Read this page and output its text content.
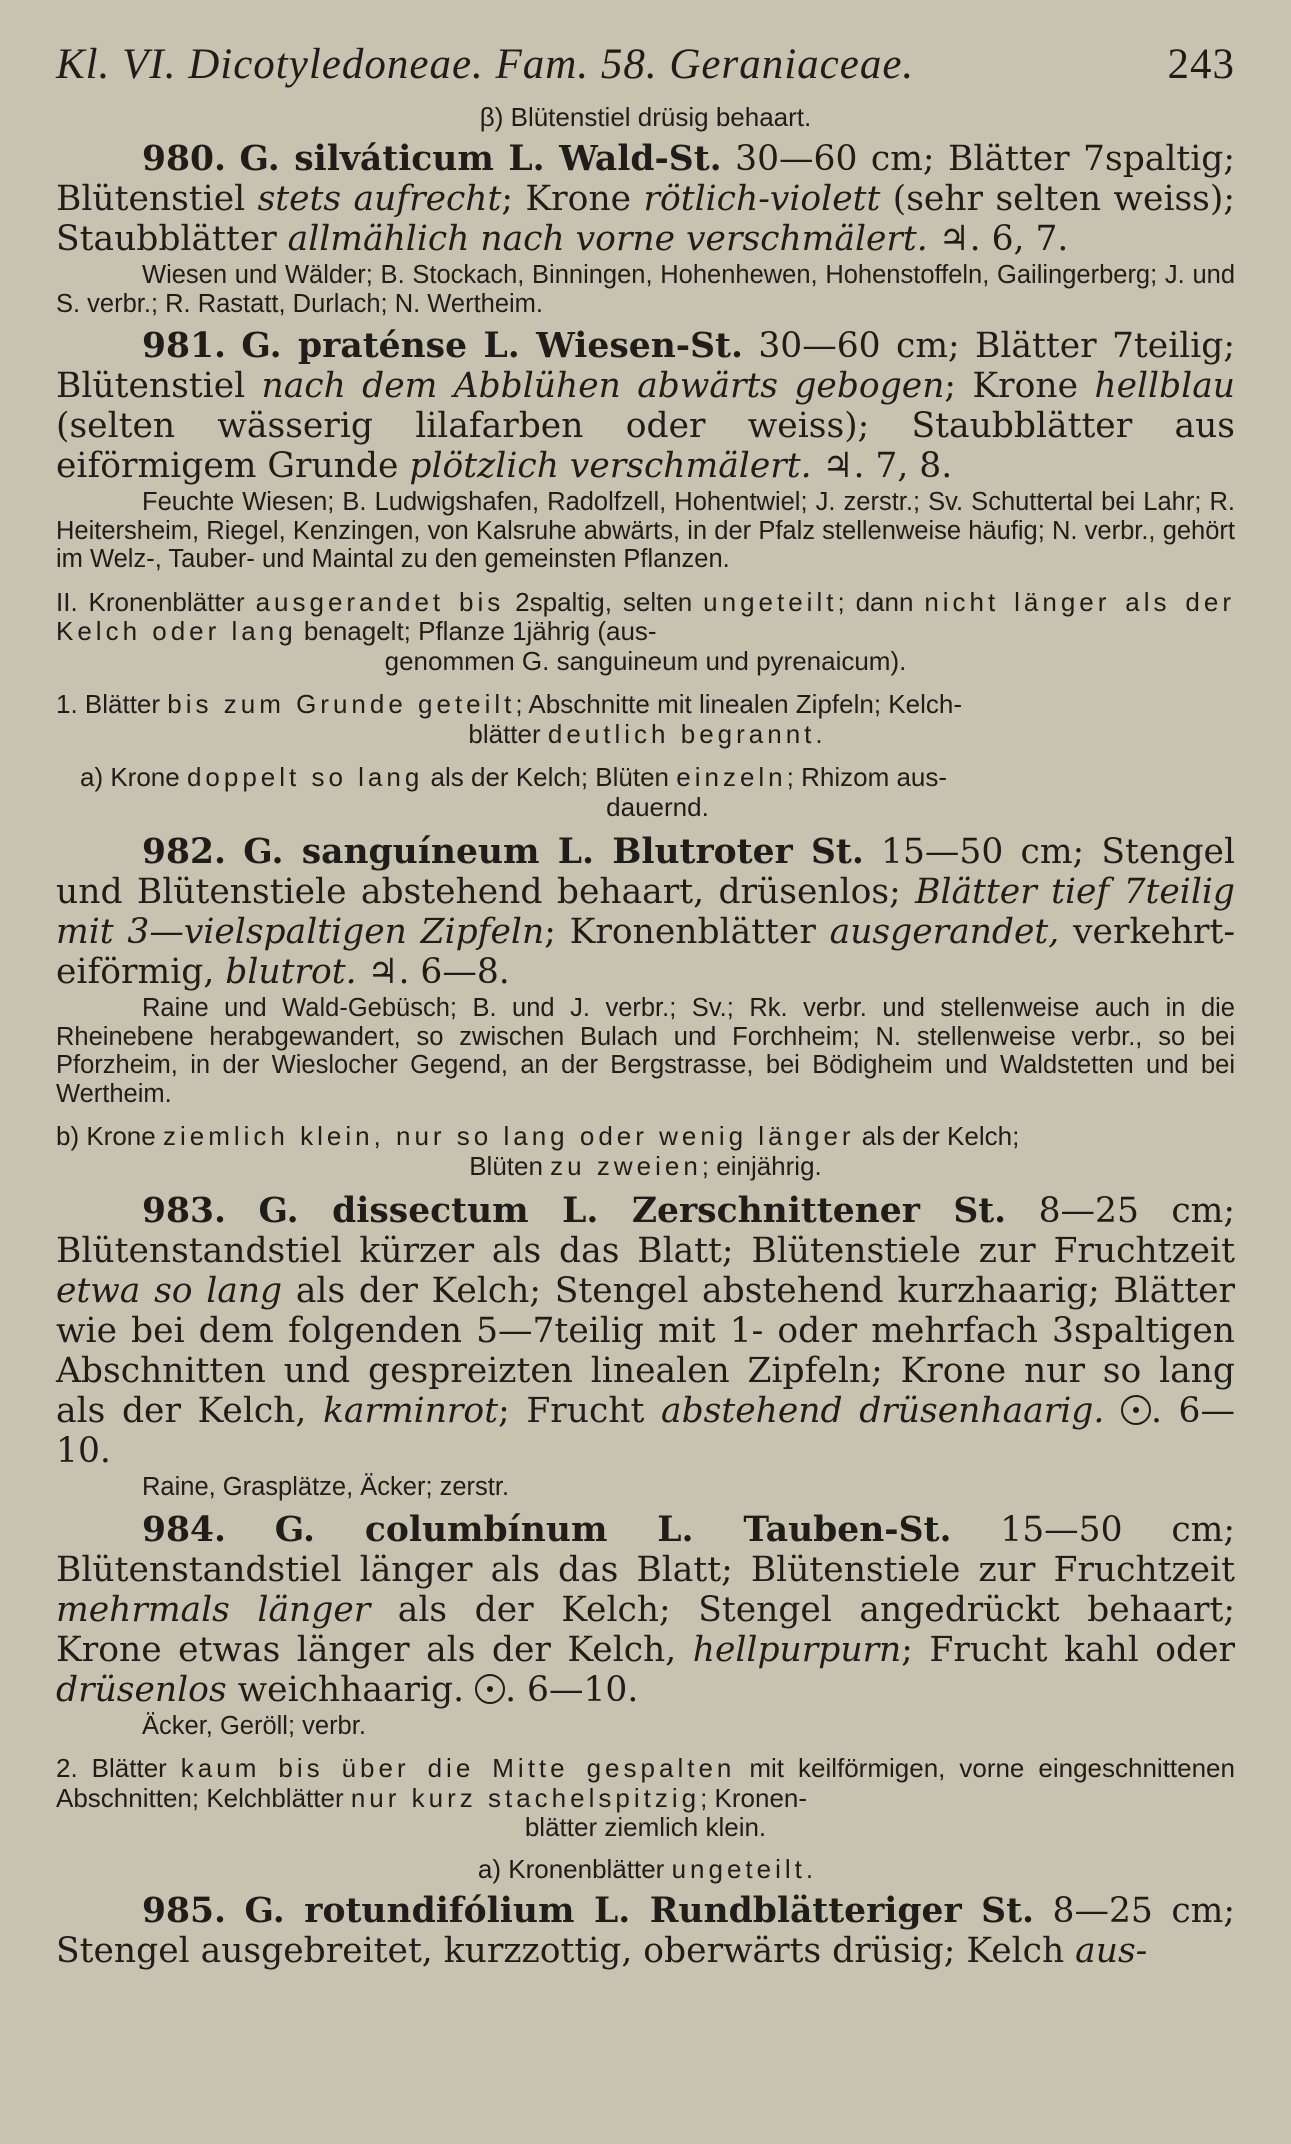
Kl. VI. Dicotyledoneae. Fam. 58. Geraniaceae.	243
β) Blütenstiel drüsig behaart.

980. G. silváticum L. Wald-St. 30—60 cm; Blätter 7spaltig; Blütenstiel stets aufrecht; Krone rötlich-violett (sehr selten weiss); Staubblätter allmählich nach vorne verschmälert. ♃. 6, 7.

Wiesen und Wälder; B. Stockach, Binningen, Hohenhewen, Hohenstoffeln, Gailingerberg; J. und S. verbr.; R. Rastatt, Durlach; N. Wertheim.

981. G. praténse L. Wiesen-St. 30—60 cm; Blätter 7teilig; Blütenstiel nach dem Abblühen abwärts gebogen; Krone hellblau (selten wässerig lilafarben oder weiss); Staubblätter aus eiförmigem Grunde plötzlich verschmälert. ♃. 7, 8.

Feuchte Wiesen; B. Ludwigshafen, Radolfzell, Hohentwiel; J. zerstr.; Sv. Schuttertal bei Lahr; R. Heitersheim, Riegel, Kenzingen, von Kalsruhe abwärts, in der Pfalz stellenweise häufig; N. verbr., gehört im Welz-, Tauber- und Maintal zu den gemeinsten Pflanzen.

II. Kronenblätter ausgerandet bis 2spaltig, selten ungeteilt; dann nicht länger als der Kelch oder lang benagelt; Pflanze 1jährig (aus-
genommen G. sanguineum und pyrenaicum).
1. Blätter bis zum Grunde geteilt; Abschnitte mit linealen Zipfeln; Kelch-
blätter deutlich begrannt.
a) Krone doppelt so lang als der Kelch; Blüten einzeln; Rhizom aus-
dauernd.

982. G. sanguíneum L. Blutroter St. 15—50 cm; Stengel und Blütenstiele abstehend behaart, drüsenlos; Blätter tief 7teilig mit 3—vielspaltigen Zipfeln; Kronenblätter ausgerandet, verkehrt-eiförmig, blutrot. ♃. 6—8.

Raine und Wald-Gebüsch; B. und J. verbr.; Sv.; Rk. verbr. und stellenweise auch in die Rheinebene herabgewandert, so zwischen Bulach und Forchheim; N. stellenweise verbr., so bei Pforzheim, in der Wieslocher Gegend, an der Bergstrasse, bei Bödigheim und Waldstetten und bei Wertheim.

b) Krone ziemlich klein, nur so lang oder wenig länger als der Kelch;
Blüten zu zweien; einjährig.

983. G. dissectum L. Zerschnittener St. 8—25 cm; Blütenstandstiel kürzer als das Blatt; Blütenstiele zur Fruchtzeit etwa so lang als der Kelch; Stengel abstehend kurzhaarig; Blätter wie bei dem folgenden 5—7teilig mit 1- oder mehrfach 3spaltigen Abschnitten und gespreizten linealen Zipfeln; Krone nur so lang als der Kelch, karminrot; Frucht abstehend drüsenhaarig. . 6—10.

Raine, Grasplätze, Äcker; zerstr.

984. G. columbínum L. Tauben-St. 15—50 cm; Blütenstandstiel länger als das Blatt; Blütenstiele zur Fruchtzeit mehrmals länger als der Kelch; Stengel angedrückt behaart; Krone etwas länger als der Kelch, hellpurpurn; Frucht kahl oder drüsenlos weichhaarig. . 6—10.

Äcker, Geröll; verbr.

2. Blätter kaum bis über die Mitte gespalten mit keilförmigen, vorne eingeschnittenen Abschnitten; Kelchblätter nur kurz stachelspitzig; Kronen-
blätter ziemlich klein.
a) Kronenblätter ungeteilt.

985. G. rotundifólium L. Rundblätteriger St. 8—25 cm; Stengel ausgebreitet, kurzzottig, oberwärts drüsig; Kelch aus-
